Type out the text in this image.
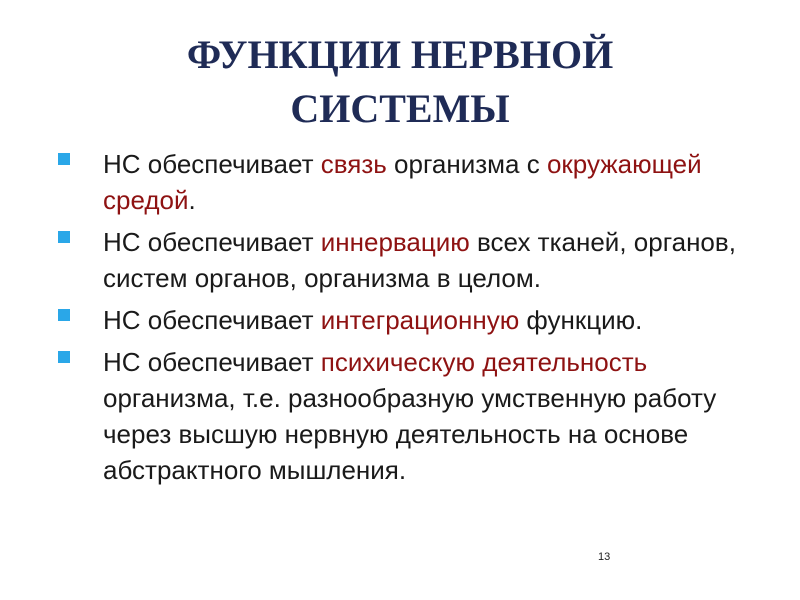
ФУНКЦИИ НЕРВНОЙ
СИСТЕМЫ
НС обеспечивает связь организма с окружающей средой.
НС обеспечивает иннервацию всех тканей, органов, систем органов, организма в целом.
НС обеспечивает интеграционную функцию.
НС обеспечивает психическую деятельность организма, т.е. разнообразную умственную работу через высшую нервную деятельность на основе абстрактного мышления.
13
